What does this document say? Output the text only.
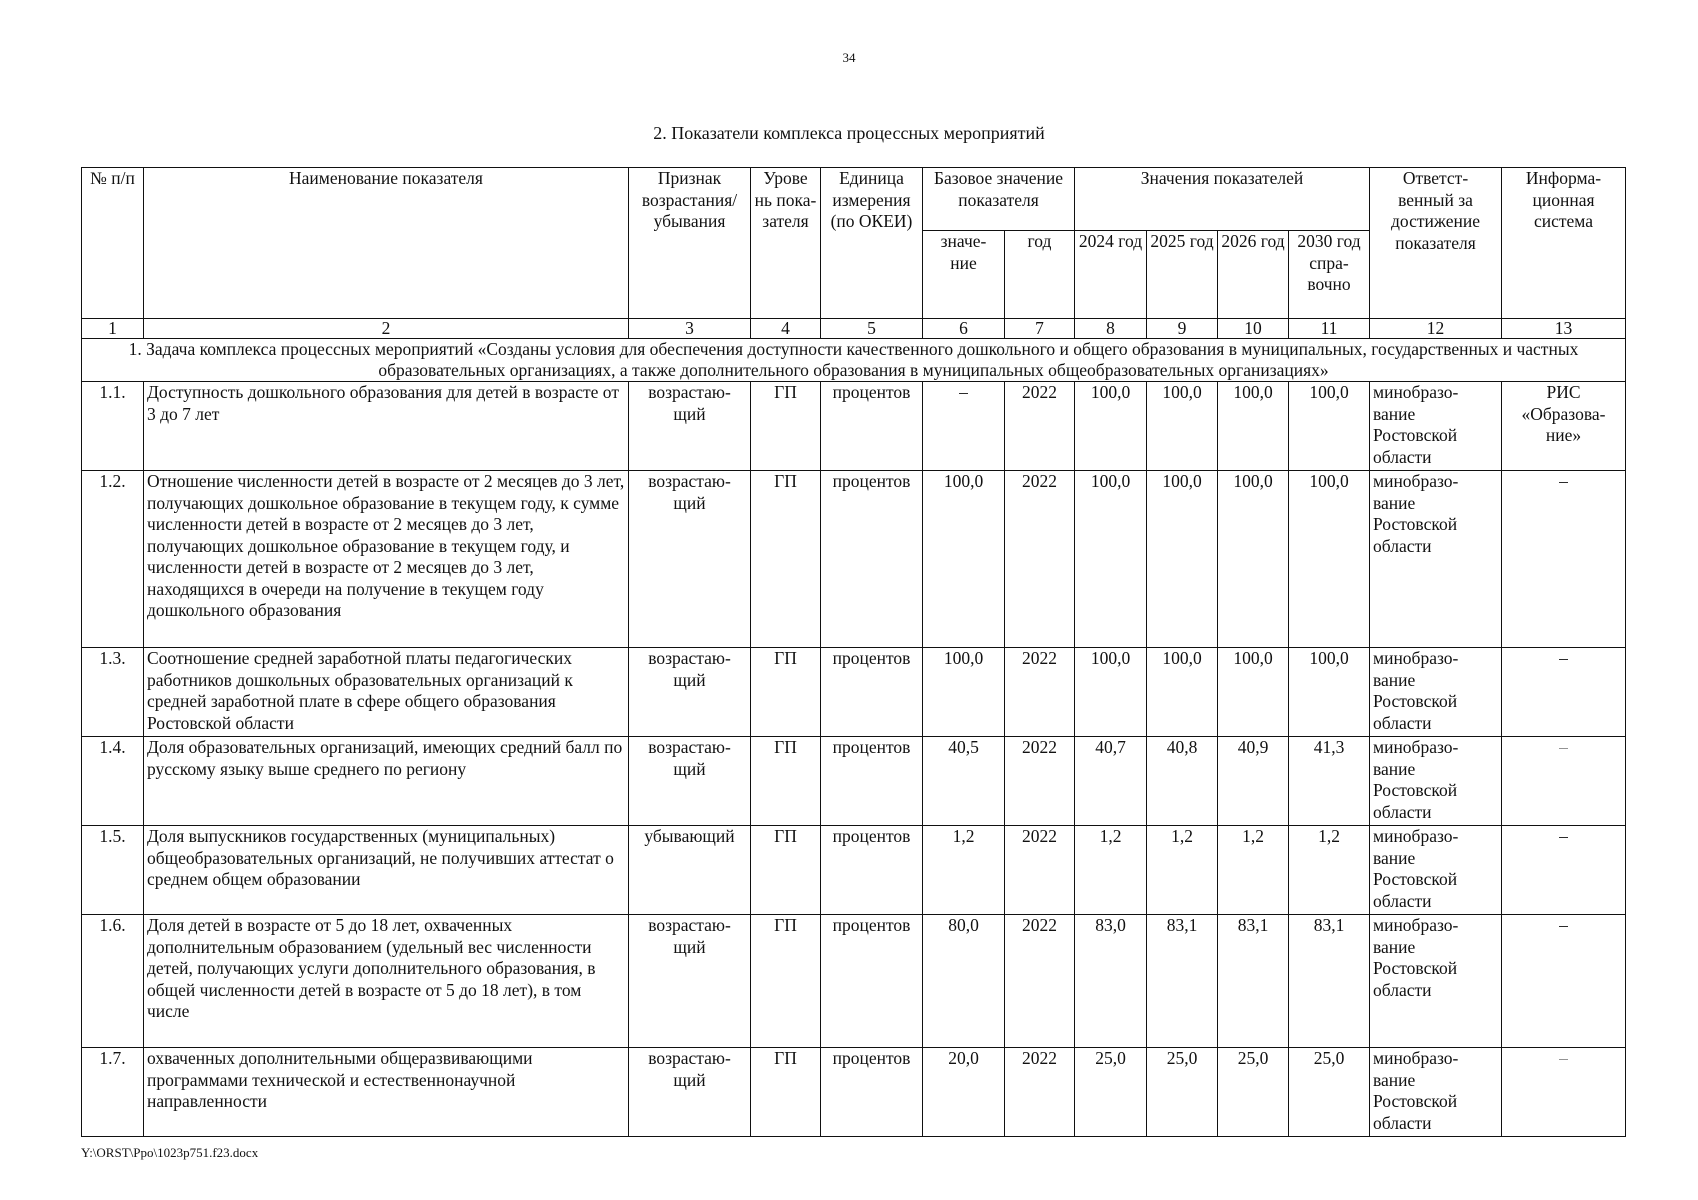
34
2. Показатели комплекса процессных мероприятий
№ п/п	Наименование показателя	Признак возрастания/ убывания	Урове нь пока- зателя	Единица измерения (по ОКЕИ)	Базовое значение показателя		Значения показателей				Ответст- венный за достижение показателя	Информа- ционная система
					значе- ние	год	2024 год	2025 год	2026 год	2030 год спра- вочно		
1	2	3	4	5	6	7	8	9	10	11	12	13
1. Задача комплекса процессных мероприятий «Созданы условия для обеспечения доступности качественного дошкольного и общего образования в муниципальных, государственных и частных образовательных организациях, а также дополнительного образования в муниципальных общеобразовательных организациях»												
1.1.	Доступность дошкольного образования для детей в возрасте от 3 до 7 лет	возрастаю- щий	ГП	процентов	–	2022	100,0	100,0	100,0	100,0	минобразо- вание Ростовской области	РИС «Образова- ние»
1.2.	Отношение численности детей в возрасте от 2 месяцев до 3 лет, получающих дошкольное образование в текущем году, к сумме численности детей в возрасте от 2 месяцев до 3 лет, получающих дошкольное образование в текущем году, и численности детей в возрасте от 2 месяцев до 3 лет, находящихся в очереди на получение в текущем году дошкольного образования	возрастаю- щий	ГП	процентов	100,0	2022	100,0	100,0	100,0	100,0	минобразо- вание Ростовской области	–
1.3.	Соотношение средней заработной платы педагогических работников дошкольных образовательных организаций к средней заработной плате в сфере общего образования Ростовской области	возрастаю- щий	ГП	процентов	100,0	2022	100,0	100,0	100,0	100,0	минобразо- вание Ростовской области	–
1.4.	Доля образовательных организаций, имеющих средний балл по русскому языку выше среднего по региону	возрастаю- щий	ГП	процентов	40,5	2022	40,7	40,8	40,9	41,3	минобразо- вание Ростовской области	–
1.5.	Доля выпускников государственных (муниципальных) общеобразовательных организаций, не получивших аттестат о среднем общем образовании	убывающий	ГП	процентов	1,2	2022	1,2	1,2	1,2	1,2	минобразо- вание Ростовской области	–
1.6.	Доля детей в возрасте от 5 до 18 лет, охваченных дополнительным образованием (удельный вес численности детей, получающих услуги дополнительного образования, в общей численности детей в возрасте от 5 до 18 лет), в том числе	возрастаю- щий	ГП	процентов	80,0	2022	83,0	83,1	83,1	83,1	минобразо- вание Ростовской области	–
1.7.	охваченных дополнительными общеразвивающими программами технической и естественнонаучной направленности	возрастаю- щий	ГП	процентов	20,0	2022	25,0	25,0	25,0	25,0	минобразо- вание Ростовской области	–
Y:\ORST\Ppo\1023p751.f23.docx
